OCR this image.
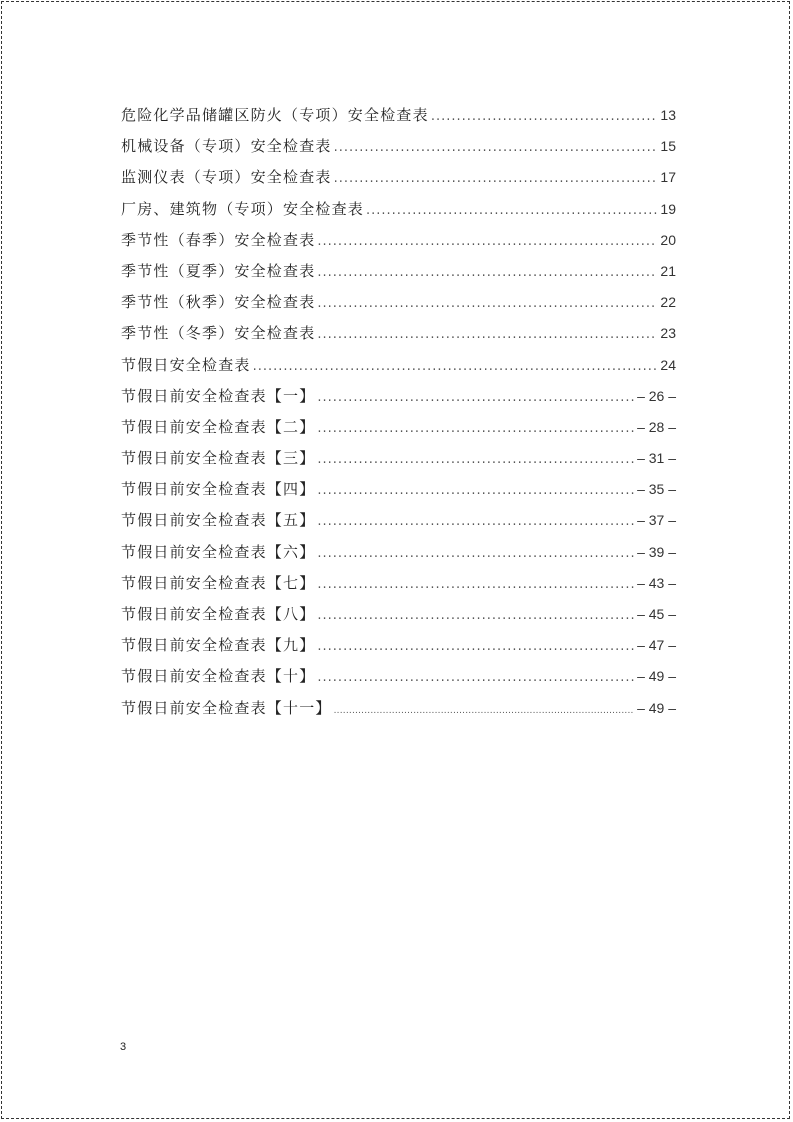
危险化学品储罐区防火（专项）安全检查表 .....	13
机械设备（专项）安全检查表 .....	15
监测仪表（专项）安全检查表 .....	17
厂房、建筑物（专项）安全检查表 .....	19
季节性（春季）安全检查表 .....	20
季节性（夏季）安全检查表 .....	21
季节性（秋季）安全检查表 .....	22
季节性（冬季）安全检查表 .....	23
节假日安全检查表 .....	24
节假日前安全检查表【一】 .....	– 26 –
节假日前安全检查表【二】 .....	– 28 –
节假日前安全检查表【三】 .....	– 31 –
节假日前安全检查表【四】 .....	– 35 –
节假日前安全检查表【五】 .....	– 37 –
节假日前安全检查表【六】 .....	– 39 –
节假日前安全检查表【七】 .....	– 43 –
节假日前安全检查表【八】 .....	– 45 –
节假日前安全检查表【九】 .....	– 47 –
节假日前安全检查表【十】 .....	– 49 –
节假日前安全检查表【十一】 .....	– 49 –
3
